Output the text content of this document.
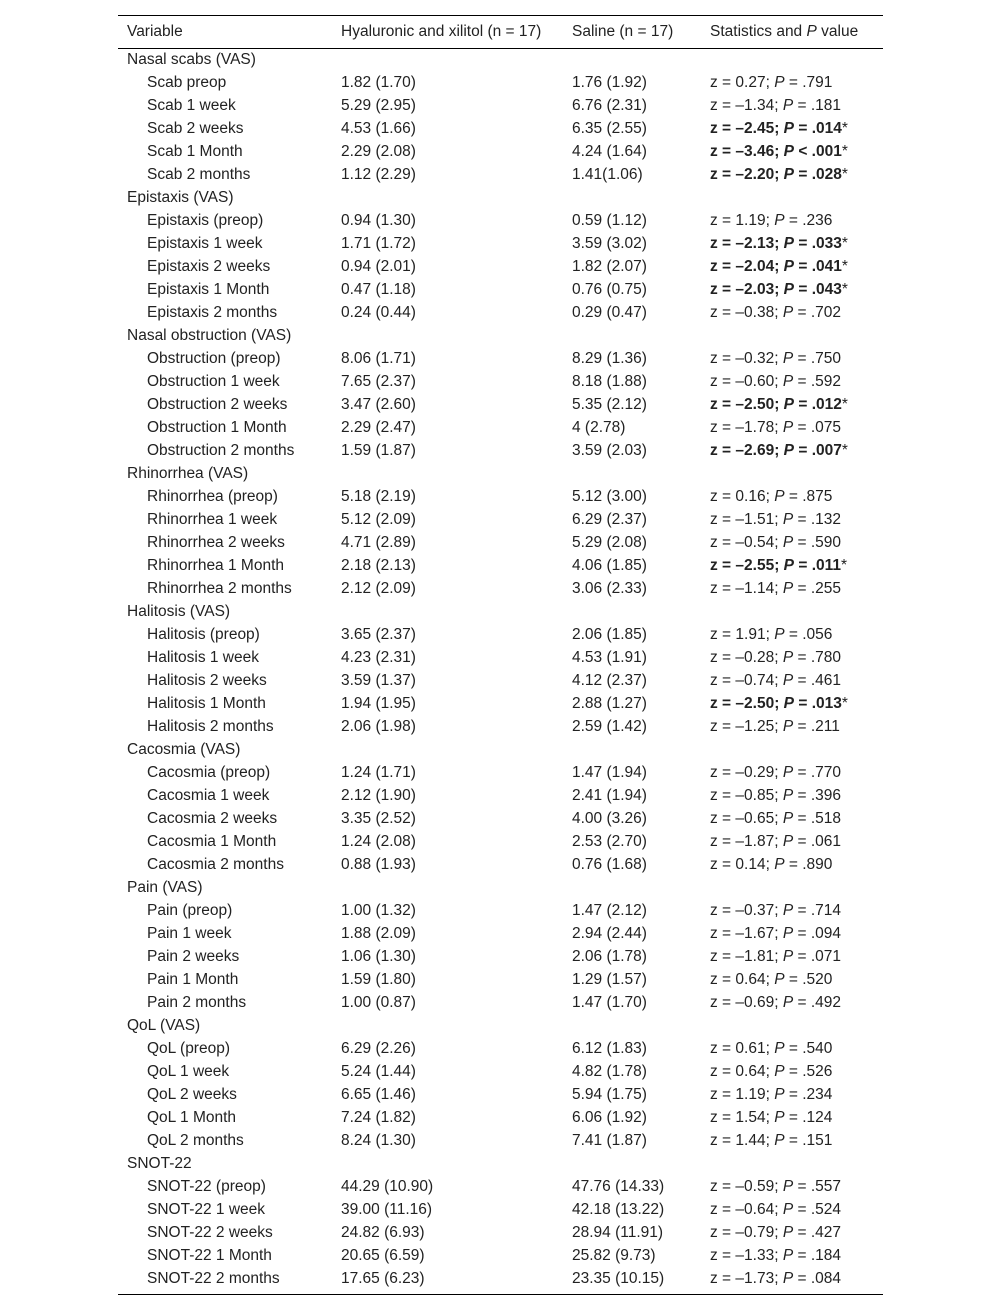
Variable	Hyaluronic and xilitol (n = 17)	Saline (n = 17)	Statistics and P value
Nasal scabs (VAS)			
Scab preop	1.82 (1.70)	1.76 (1.92)	z = 0.27; P = .791
Scab 1 week	5.29 (2.95)	6.76 (2.31)	z = –1.34; P = .181
Scab 2 weeks	4.53 (1.66)	6.35 (2.55)	z = –2.45; P = .014*
Scab 1 Month	2.29 (2.08)	4.24 (1.64)	z = –3.46; P < .001*
Scab 2 months	1.12 (2.29)	1.41(1.06)	z = –2.20; P = .028*
Epistaxis (VAS)			
Epistaxis (preop)	0.94 (1.30)	0.59 (1.12)	z = 1.19; P = .236
Epistaxis 1 week	1.71 (1.72)	3.59 (3.02)	z = –2.13; P = .033*
Epistaxis 2 weeks	0.94 (2.01)	1.82 (2.07)	z = –2.04; P = .041*
Epistaxis 1 Month	0.47 (1.18)	0.76 (0.75)	z = –2.03; P = .043*
Epistaxis 2 months	0.24 (0.44)	0.29 (0.47)	z = –0.38; P = .702
Nasal obstruction (VAS)			
Obstruction (preop)	8.06 (1.71)	8.29 (1.36)	z = –0.32; P = .750
Obstruction 1 week	7.65 (2.37)	8.18 (1.88)	z = –0.60; P = .592
Obstruction 2 weeks	3.47 (2.60)	5.35 (2.12)	z = –2.50; P = .012*
Obstruction 1 Month	2.29 (2.47)	4 (2.78)	z = –1.78; P = .075
Obstruction 2 months	1.59 (1.87)	3.59 (2.03)	z = –2.69; P = .007*
Rhinorrhea (VAS)			
Rhinorrhea (preop)	5.18 (2.19)	5.12 (3.00)	z = 0.16; P = .875
Rhinorrhea 1 week	5.12 (2.09)	6.29 (2.37)	z = –1.51; P = .132
Rhinorrhea 2 weeks	4.71 (2.89)	5.29 (2.08)	z = –0.54; P = .590
Rhinorrhea 1 Month	2.18 (2.13)	4.06 (1.85)	z = –2.55; P = .011*
Rhinorrhea 2 months	2.12 (2.09)	3.06 (2.33)	z = –1.14; P = .255
Halitosis (VAS)			
Halitosis (preop)	3.65 (2.37)	2.06 (1.85)	z = 1.91; P = .056
Halitosis 1 week	4.23 (2.31)	4.53 (1.91)	z = –0.28; P = .780
Halitosis 2 weeks	3.59 (1.37)	4.12 (2.37)	z = –0.74; P = .461
Halitosis 1 Month	1.94 (1.95)	2.88 (1.27)	z = –2.50; P = .013*
Halitosis 2 months	2.06 (1.98)	2.59 (1.42)	z = –1.25; P = .211
Cacosmia (VAS)			
Cacosmia (preop)	1.24 (1.71)	1.47 (1.94)	z = –0.29; P = .770
Cacosmia 1 week	2.12 (1.90)	2.41 (1.94)	z = –0.85; P = .396
Cacosmia 2 weeks	3.35 (2.52)	4.00 (3.26)	z = –0.65; P = .518
Cacosmia 1 Month	1.24 (2.08)	2.53 (2.70)	z = –1.87; P = .061
Cacosmia 2 months	0.88 (1.93)	0.76 (1.68)	z = 0.14; P = .890
Pain (VAS)			
Pain (preop)	1.00 (1.32)	1.47 (2.12)	z = –0.37; P = .714
Pain 1 week	1.88 (2.09)	2.94 (2.44)	z = –1.67; P = .094
Pain 2 weeks	1.06 (1.30)	2.06 (1.78)	z = –1.81; P = .071
Pain 1 Month	1.59 (1.80)	1.29 (1.57)	z = 0.64; P = .520
Pain 2 months	1.00 (0.87)	1.47 (1.70)	z = –0.69; P = .492
QoL (VAS)			
QoL (preop)	6.29 (2.26)	6.12 (1.83)	z = 0.61; P = .540
QoL 1 week	5.24 (1.44)	4.82 (1.78)	z = 0.64; P = .526
QoL 2 weeks	6.65 (1.46)	5.94 (1.75)	z = 1.19; P = .234
QoL 1 Month	7.24 (1.82)	6.06 (1.92)	z = 1.54; P = .124
QoL 2 months	8.24 (1.30)	7.41 (1.87)	z = 1.44; P = .151
SNOT-22			
SNOT-22 (preop)	44.29 (10.90)	47.76 (14.33)	z = –0.59; P = .557
SNOT-22 1 week	39.00 (11.16)	42.18 (13.22)	z = –0.64; P = .524
SNOT-22 2 weeks	24.82 (6.93)	28.94 (11.91)	z = –0.79; P = .427
SNOT-22 1 Month	20.65 (6.59)	25.82 (9.73)	z = –1.33; P = .184
SNOT-22 2 months	17.65 (6.23)	23.35 (10.15)	z = –1.73; P = .084
